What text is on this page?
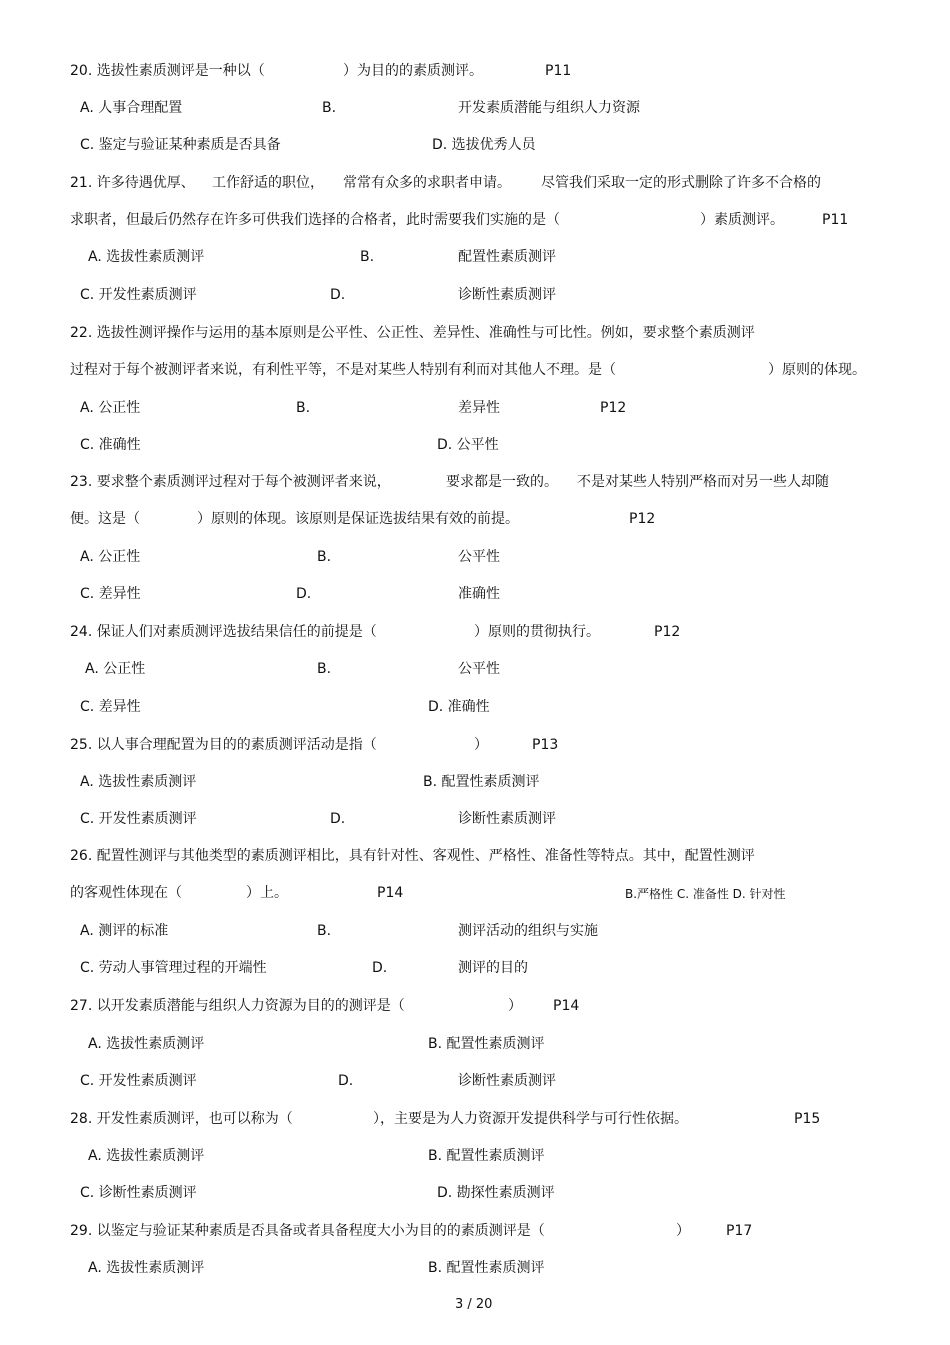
20. 选拔性素质测评是一种以（	）为目的的素质测评。	P11
A. 人事合理配置	B.	开发素质潜能与组织人力资源
C. 鉴定与验证某种素质是否具备	D. 选拔优秀人员
21. 许多待遇优厚、 工作舒适的职位， 常常有众多的求职者申请。 尽管我们采取一定的形式删除了许多不合格的
求职者，但最后仍然存在许多可供我们选择的合格者，此时需要我们实施的是（	）素质测评。	P11
A. 选拔性素质测评	B.	配置性素质测评
C. 开发性素质测评	D.	诊断性素质测评
22. 选拔性测评操作与运用的基本原则是公平性、公正性、差异性、准确性与可比性。例如，要求整个素质测评
过程对于每个被测评者来说，有利性平等，不是对某些人特别有利而对其他人不理。是（	）原则的体现。
A. 公正性	B.	差异性	P12
C. 准确性	D. 公平性
23. 要求整个素质测评过程对于每个被测评者来说，	要求都是一致的。 不是对某些人特别严格而对另一些人却随
便。这是（	）原则的体现。该原则是保证选拔结果有效的前提。	P12
A. 公正性	B.	公平性
C. 差异性	D.	准确性
24. 保证人们对素质测评选拔结果信任的前提是（	）原则的贯彻执行。	P12
A. 公正性	B.	公平性
C. 差异性	D. 准确性
25. 以人事合理配置为目的的素质测评活动是指（	）	P13
A. 选拔性素质测评	B. 配置性素质测评
C. 开发性素质测评	D.	诊断性素质测评
26. 配置性测评与其他类型的素质测评相比，具有针对性、客观性、严格性、准备性等特点。其中，配置性测评
的客观性体现在（	）上。	P14	B.严格性 C. 准备性 D. 针对性
A. 测评的标准	B.	测评活动的组织与实施
C. 劳动人事管理过程的开端性	D.	测评的目的
27. 以开发素质潜能与组织人力资源为目的的测评是（	） P14
A. 选拔性素质测评	B. 配置性素质测评
C. 开发性素质测评	D.	诊断性素质测评
28. 开发性素质测评，也可以称为（	），主要是为人力资源开发提供科学与可行性依据。	P15
A. 选拔性素质测评	B. 配置性素质测评
C. 诊断性素质测评	D. 勘探性素质测评
29. 以鉴定与验证某种素质是否具备或者具备程度大小为目的的素质测评是（	）	P17
A. 选拔性素质测评	B. 配置性素质测评
3 / 20
